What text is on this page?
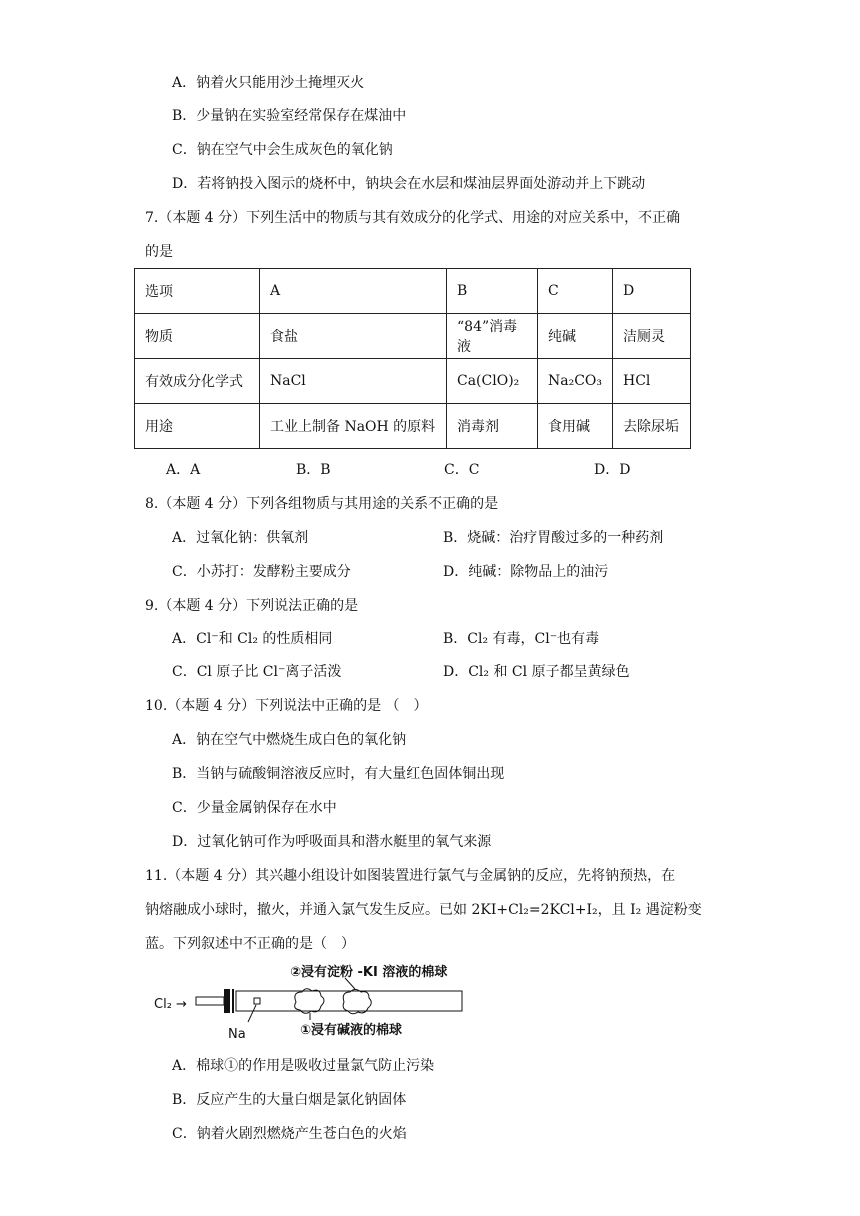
A．钠着火只能用沙土掩埋灭火
B．少量钠在实验室经常保存在煤油中
C．钠在空气中会生成灰色的氧化钠
D．若将钠投入图示的烧杯中，钠块会在水层和煤油层界面处游动并上下跳动
7.（本题 4 分）下列生活中的物质与其有效成分的化学式、用途的对应关系中，不正确
的是
选项	A	B	C	D
物质	食盐	“84”消毒液	纯碱	洁厕灵
有效成分化学式	NaCl	Ca(ClO)₂	Na₂CO₃	HCl
用途	工业上制备 NaOH 的原料	消毒剂	食用碱	去除尿垢
A．A	B．B	C．C	D．D
8.（本题 4 分）下列各组物质与其用途的关系不正确的是
A．过氧化钠：供氧剂	B．烧碱：治疗胃酸过多的一种药剂
C．小苏打：发酵粉主要成分	D．纯碱：除物品上的油污
9.（本题 4 分）下列说法正确的是
A．Cl⁻和 Cl₂ 的性质相同	B．Cl₂ 有毒，Cl⁻也有毒
C．Cl 原子比 Cl⁻离子活泼	D．Cl₂ 和 Cl 原子都呈黄绿色
10.（本题 4 分）下列说法中正确的是 （　）
A．钠在空气中燃烧生成白色的氧化钠
B．当钠与硫酸铜溶液反应时，有大量红色固体铜出现
C．少量金属钠保存在水中
D．过氧化钠可作为呼吸面具和潜水艇里的氧气来源
11.（本题 4 分）其兴趣小组设计如图装置进行氯气与金属钠的反应，先将钠预热，在
钠熔融成小球时，撤火，并通入氯气发生反应。已如 2KI+Cl₂=2KCl+I₂，且 I₂ 遇淀粉变
蓝。下列叙述中不正确的是（　）
Cl₂ →
Na
②浸有淀粉 -KI 溶液的棉球
①浸有碱液的棉球
A．棉球①的作用是吸收过量氯气防止污染
B．反应产生的大量白烟是氯化钠固体
C．钠着火剧烈燃烧产生苍白色的火焰
